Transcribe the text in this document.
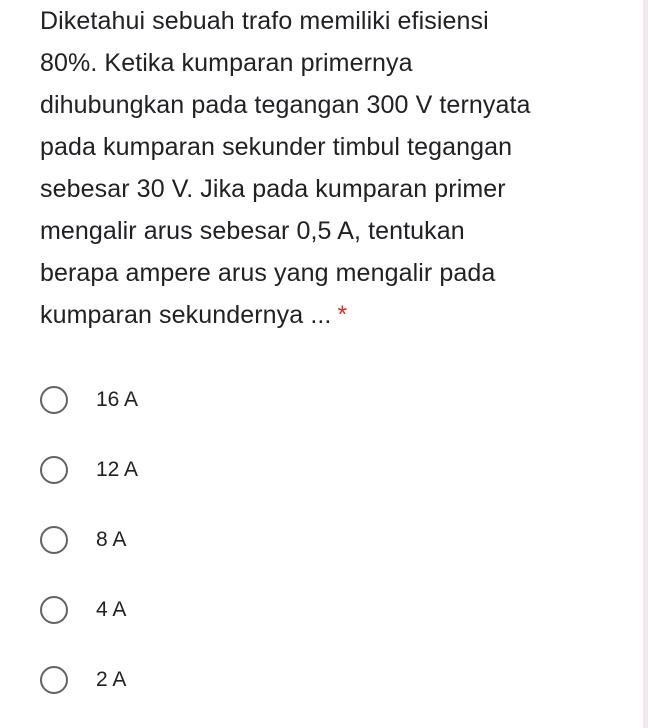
Diketahui sebuah trafo memiliki efisiensi
80%. Ketika kumparan primernya
dihubungkan pada tegangan 300 V ternyata
pada kumparan sekunder timbul tegangan
sebesar 30 V. Jika pada kumparan primer
mengalir arus sebesar 0,5 A, tentukan
berapa ampere arus yang mengalir pada
kumparan sekundernya ... *
16 A
12 A
8 A
4 A
2 A
